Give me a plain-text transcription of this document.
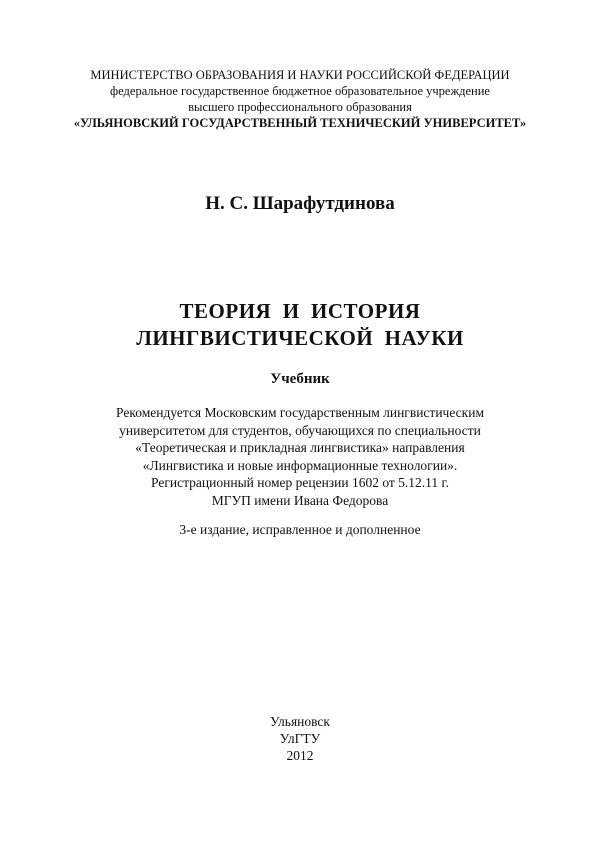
МИНИСТЕРСТВО ОБРАЗОВАНИЯ И НАУКИ РОССИЙСКОЙ ФЕДЕРАЦИИ
федеральное государственное бюджетное образовательное учреждение
высшего профессионального образования
«УЛЬЯНОВСКИЙ ГОСУДАРСТВЕННЫЙ ТЕХНИЧЕСКИЙ УНИВЕРСИТЕТ»
Н. С. Шарафутдинова
ТЕОРИЯ  И  ИСТОРИЯ
ЛИНГВИСТИЧЕСКОЙ  НАУКИ
Учебник
Рекомендуется Московским государственным лингвистическим
университетом для студентов, обучающихся по специальности
«Теоретическая и прикладная лингвистика» направления
«Лингвистика и новые информационные технологии».
Регистрационный номер рецензии 1602 от 5.12.11 г.
МГУП имени Ивана Федорова
3-е издание, исправленное и дополненное
Ульяновск
УлГТУ
2012
